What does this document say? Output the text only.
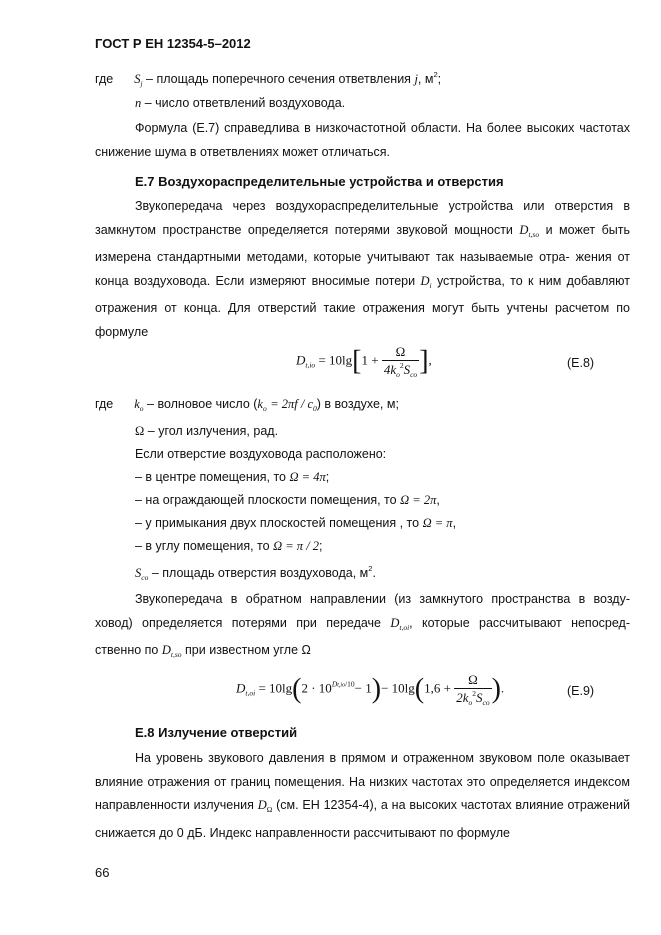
ГОСТ Р ЕН 12354-5–2012
где $S_j$ – площадь поперечного сечения ответвления j, $м^2$;
n – число ответвлений воздуховода.
Формула (Е.7) справедлива в низкочастотной области. На более высоких частотах снижение шума в ответвлениях может отличаться.
Е.7 Воздухораспределительные устройства и отверстия
Звукопередача через воздухораспределительные устройства или отверстия в замкнутом пространстве определяется потерями звуковой мощности $D_{t,so}$ и может быть измерена стандартными методами, которые учитывают так называемые отра- жения от конца воздуховода. Если измеряют вносимые потери $D_i$ устройства, то к ним добавляют отражения от конца. Для отверстий такие отражения могут быть учтены расчетом по формуле
$D_{t,io} = 10\lg[1$ +
Ω
$4k_o^2S_{co}$ ],	(Е.8)
где $k_o$ – волновое число $(k_o = 2\pi f / c_0)$ в воздухе, м;
Ω – угол излучения, рад.
Если отверстие воздуховода расположено:
– в центре помещения, то Ω = 4π;
– на ограждающей плоскости помещения, то Ω = 2π,
– у примыкания двух плоскостей помещения , то Ω = π,
– в углу помещения, то Ω = π / 2;
$S_{co}$ – площадь отверстия воздуховода, $м^2$.
Звукопередача в обратном направлении (из замкнутого пространства в возду- ховод) определяется потерями при передаче $D_{t,oi}$, которые рассчитывают непосред- ственно по $D_{t,so}$ при известном угле Ω
$D_{t,oi} = 10\lg(2 \cdot 10^{Dt,io/10}- 1)- 10\lg(1,6$ +
Ω
$2k_o^2S_{co}$ ).	(Е.9)
Е.8 Излучение отверстий
На уровень звукового давления в прямом и отраженном звуковом поле оказывает влияние отражения от границ помещения. На низких частотах это определяется индексом направленности излучения $D_\Omega$ (см. ЕН 12354-4), а на высоких частотах влияние отражений снижается до 0 дБ. Индекс направленности рассчитывают по формуле
66
